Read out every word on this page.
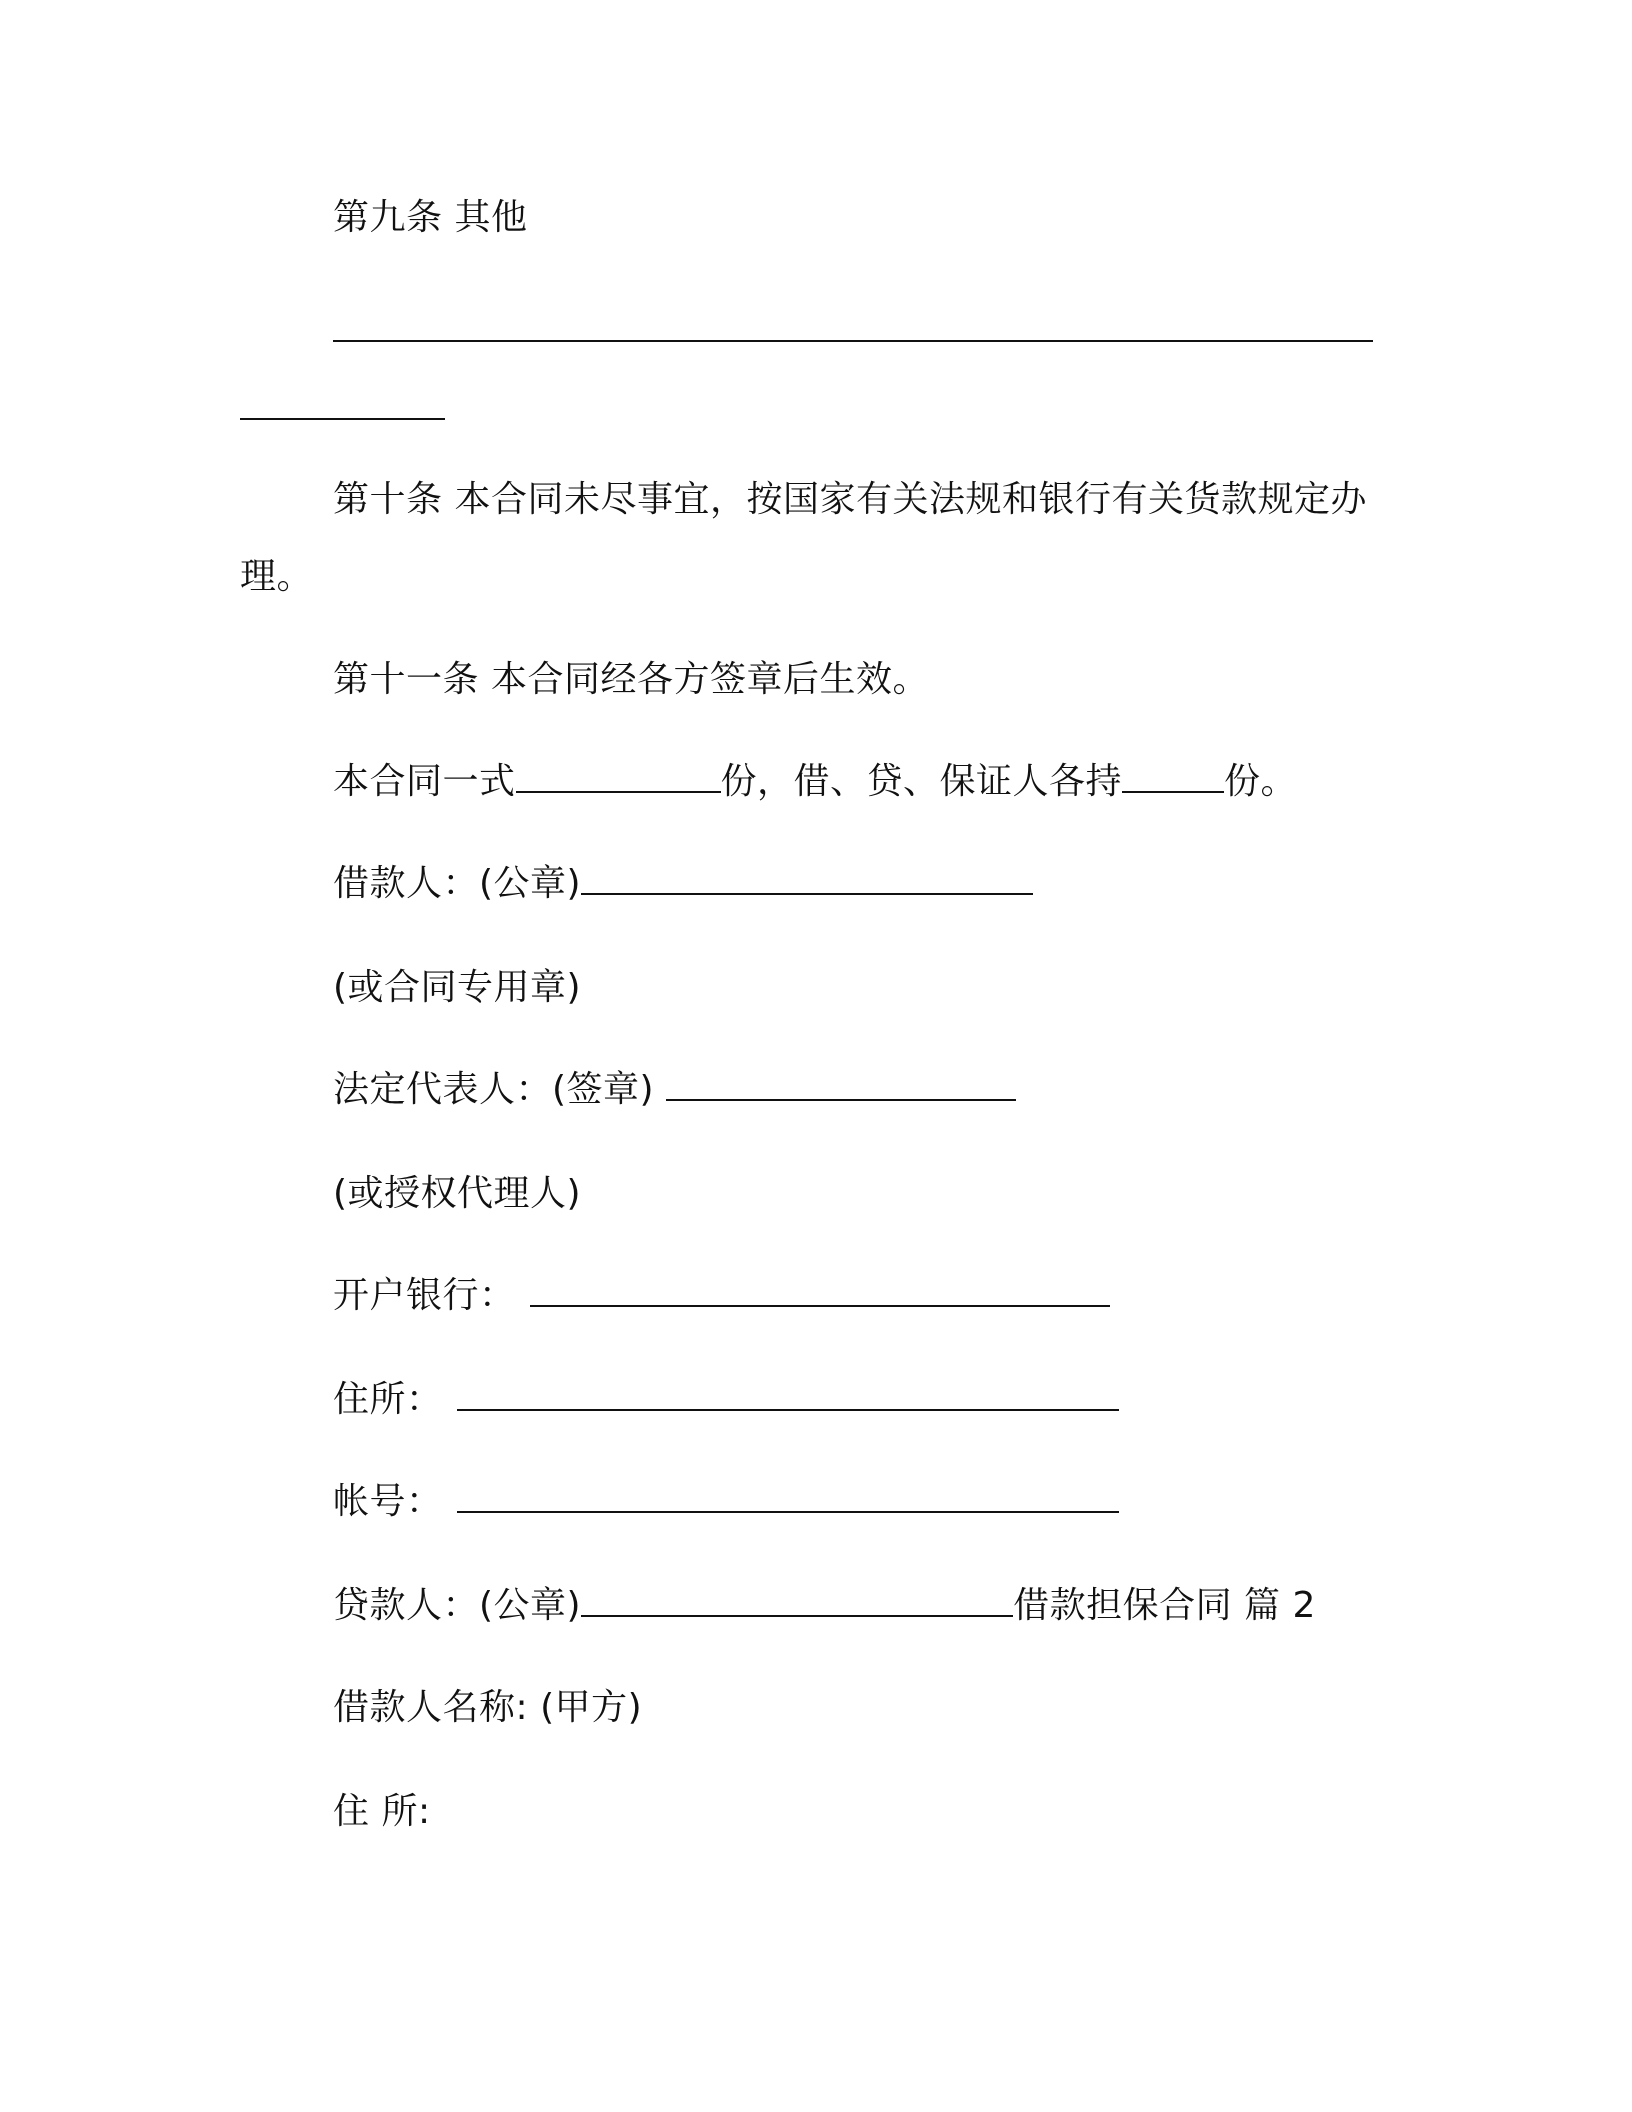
第九条 其他
第十条 本合同未尽事宜，按国家有关法规和银行有关货款规定办
理。
第十一条 本合同经各方签章后生效。
本合同一式	份，借、贷、保证人各持	份。
借款人：(公章)
(或合同专用章)
法定代表人：(签章)
(或授权代理人)
开户银行：
住所：
帐号：
贷款人：(公章)	借款担保合同 篇 2
借款人名称: (甲方)
住 所:
